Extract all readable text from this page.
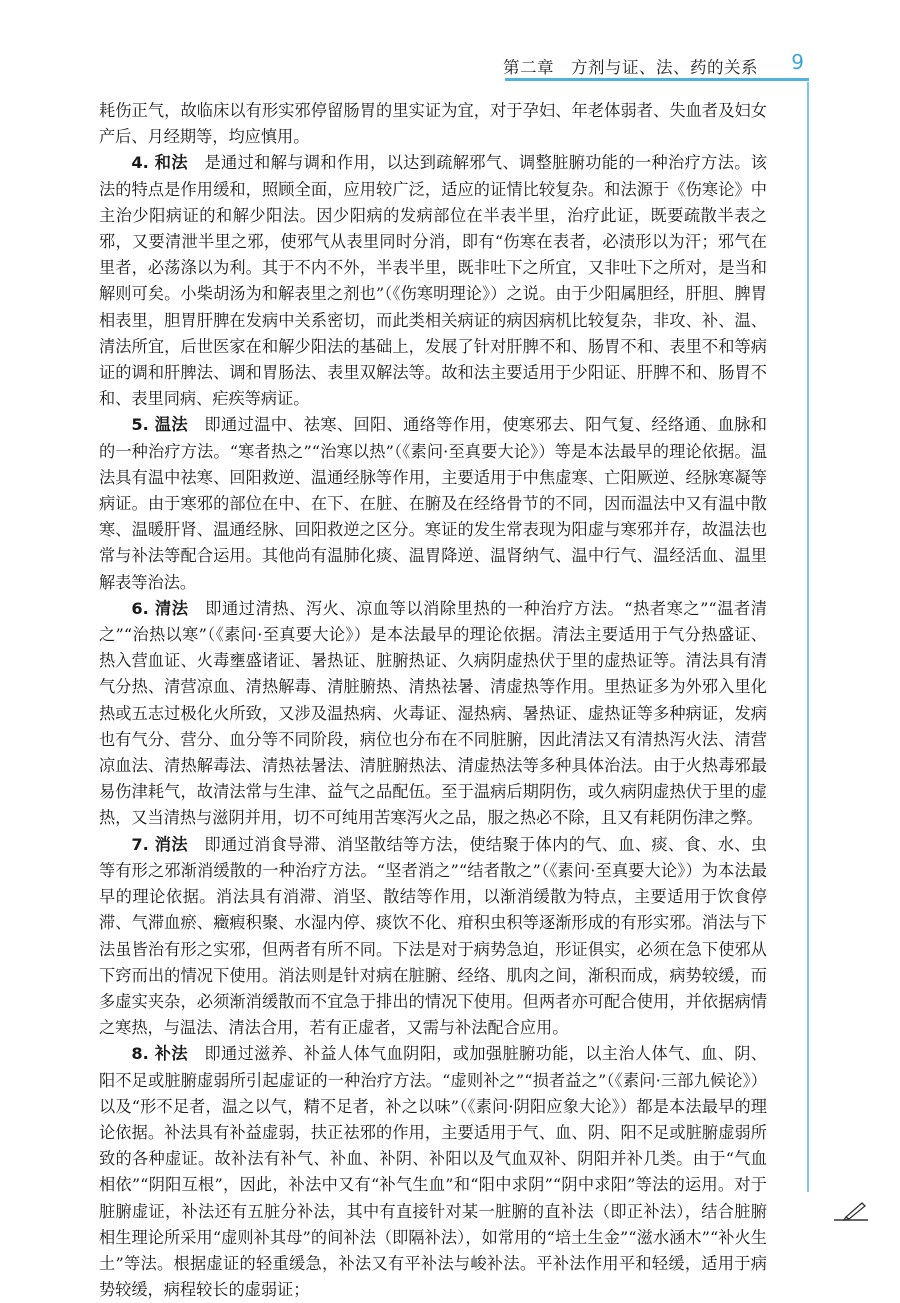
第二章　方剂与证、法、药的关系 9

耗伤正气，故临床以有形实邪停留肠胃的里实证为宜，对于孕妇、年老体弱者、失血者及妇女产后、月经期等，均应慎用。

4. 和法　是通过和解与调和作用，以达到疏解邪气、调整脏腑功能的一种治疗方法。该法的特点是作用缓和，照顾全面，应用较广泛，适应的证情比较复杂。和法源于《伤寒论》中主治少阳病证的和解少阳法。因少阳病的发病部位在半表半里，治疗此证，既要疏散半表之邪，又要清泄半里之邪，使邪气从表里同时分消，即有“伤寒在表者，必渍形以为汗；邪气在里者，必荡涤以为利。其于不内不外，半表半里，既非吐下之所宜，又非吐下之所对，是当和解则可矣。小柴胡汤为和解表里之剂也”（《伤寒明理论》）之说。由于少阳属胆经，肝胆、脾胃相表里，胆胃肝脾在发病中关系密切，而此类相关病证的病因病机比较复杂，非攻、补、温、清法所宜，后世医家在和解少阳法的基础上，发展了针对肝脾不和、肠胃不和、表里不和等病证的调和肝脾法、调和胃肠法、表里双解法等。故和法主要适用于少阳证、肝脾不和、肠胃不和、表里同病、疟疾等病证。

5. 温法　即通过温中、祛寒、回阳、通络等作用，使寒邪去、阳气复、经络通、血脉和的一种治疗方法。“寒者热之”“治寒以热”（《素问·至真要大论》）等是本法最早的理论依据。温法具有温中祛寒、回阳救逆、温通经脉等作用，主要适用于中焦虚寒、亡阳厥逆、经脉寒凝等病证。由于寒邪的部位在中、在下、在脏、在腑及在经络骨节的不同，因而温法中又有温中散寒、温暖肝肾、温通经脉、回阳救逆之区分。寒证的发生常表现为阳虚与寒邪并存，故温法也常与补法等配合运用。其他尚有温肺化痰、温胃降逆、温肾纳气、温中行气、温经活血、温里解表等治法。

6. 清法　即通过清热、泻火、凉血等以消除里热的一种治疗方法。“热者寒之”“温者清之”“治热以寒”（《素问·至真要大论》）是本法最早的理论依据。清法主要适用于气分热盛证、热入营血证、火毒壅盛诸证、暑热证、脏腑热证、久病阴虚热伏于里的虚热证等。清法具有清气分热、清营凉血、清热解毒、清脏腑热、清热祛暑、清虚热等作用。里热证多为外邪入里化热或五志过极化火所致，又涉及温热病、火毒证、湿热病、暑热证、虚热证等多种病证，发病也有气分、营分、血分等不同阶段，病位也分布在不同脏腑，因此清法又有清热泻火法、清营凉血法、清热解毒法、清热祛暑法、清脏腑热法、清虚热法等多种具体治法。由于火热毒邪最易伤津耗气，故清法常与生津、益气之品配伍。至于温病后期阴伤，或久病阴虚热伏于里的虚热，又当清热与滋阴并用，切不可纯用苦寒泻火之品，服之热必不除，且又有耗阴伤津之弊。

7. 消法　即通过消食导滞、消坚散结等方法，使结聚于体内的气、血、痰、食、水、虫等有形之邪渐消缓散的一种治疗方法。“坚者消之”“结者散之”（《素问·至真要大论》）为本法最早的理论依据。消法具有消滞、消坚、散结等作用，以渐消缓散为特点，主要适用于饮食停滞、气滞血瘀、癥瘕积聚、水湿内停、痰饮不化、疳积虫积等逐渐形成的有形实邪。消法与下法虽皆治有形之实邪，但两者有所不同。下法是对于病势急迫，形证俱实，必须在急下使邪从下窍而出的情况下使用。消法则是针对病在脏腑、经络、肌肉之间，渐积而成，病势较缓，而多虚实夹杂，必须渐消缓散而不宜急于排出的情况下使用。但两者亦可配合使用，并依据病情之寒热，与温法、清法合用，若有正虚者，又需与补法配合应用。

8. 补法　即通过滋养、补益人体气血阴阳，或加强脏腑功能，以主治人体气、血、阴、阳不足或脏腑虚弱所引起虚证的一种治疗方法。“虚则补之”“损者益之”（《素问·三部九候论》）以及“形不足者，温之以气，精不足者，补之以味”（《素问·阴阳应象大论》）都是本法最早的理论依据。补法具有补益虚弱，扶正祛邪的作用，主要适用于气、血、阴、阳不足或脏腑虚弱所致的各种虚证。故补法有补气、补血、补阴、补阳以及气血双补、阴阳并补几类。由于“气血相依”“阴阳互根”，因此，补法中又有“补气生血”和“阳中求阴”“阴中求阳”等法的运用。对于脏腑虚证，补法还有五脏分补法，其中有直接针对某一脏腑的直补法（即正补法），结合脏腑相生理论所采用“虚则补其母”的间补法（即隔补法），如常用的“培土生金”“滋水涵木”“补火生土”等法。根据虚证的轻重缓急，补法又有平补法与峻补法。平补法作用平和轻缓，适用于病势较缓，病程较长的虚弱证；
